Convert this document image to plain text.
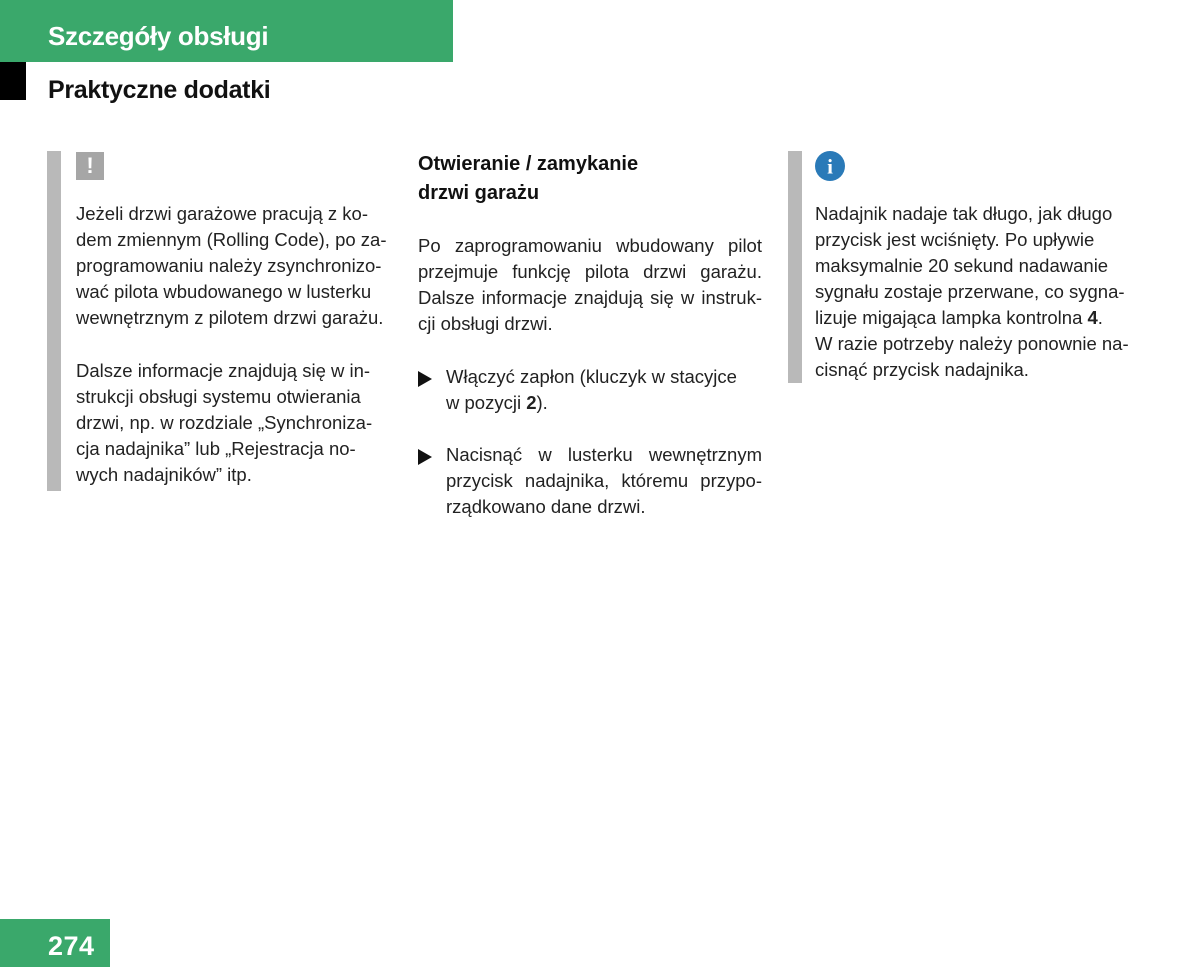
Szczegóły obsługi
Praktyczne dodatki
!

Jeżeli drzwi garażowe pracują z ko-
dem zmiennym (Rolling Code), po za-
programowaniu należy zsynchronizo-
wać pilota wbudowanego w lusterku
wewnętrznym z pilotem drzwi garażu.

Dalsze informacje znajdują się w in-
strukcji obsługi systemu otwierania
drzwi, np. w rozdziale „Synchroniza-
cja nadajnika” lub „Rejestracja no-
wych nadajników” itp.

Otwieranie / zamykanie
drzwi garażu

Po zaprogramowaniu wbudowany pilot
przejmuje funkcję pilota drzwi garażu.
Dalsze informacje znajdują się w instruk-
cji obsługi drzwi.

Włączyć zapłon (kluczyk w stacyjce
w pozycji 2).

Nacisnąć w lusterku wewnętrznym
przycisk nadajnika, któremu przypo-
rządkowano dane drzwi.

i

Nadajnik nadaje tak długo, jak długo
przycisk jest wciśnięty. Po upływie
maksymalnie 20 sekund nadawanie
sygnału zostaje przerwane, co sygna-
lizuje migająca lampka kontrolna 4.
W razie potrzeby należy ponownie na-
cisnąć przycisk nadajnika.

274
